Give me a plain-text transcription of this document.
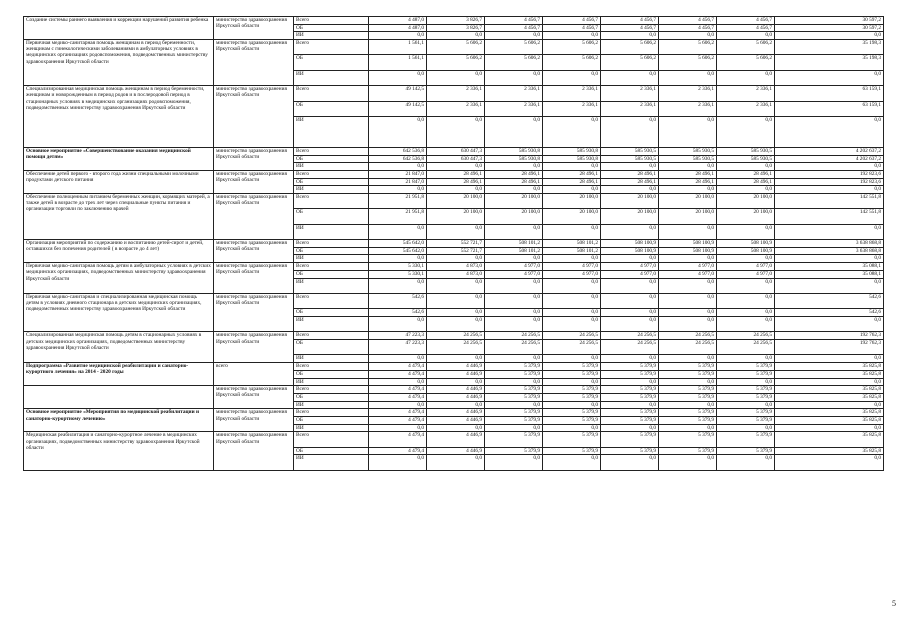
Создание системы раннего выявления и коррекции нарушений развития ребенка	министерство здравоохранения Иркутской области	Всего	4 487,0	3 826,7	4 456,7	4 456,7	4 456,7	4 456,7	4 456,7	30 597,2
		ОБ	4 487,0	3 826,7	4 456,7	4 456,7	4 456,7	4 456,7	4 456,7	30 597,2
		ИИ	0,0	0,0	0,0	0,0	0,0	0,0	0,0	0,0
Первичная медико-санитарная помощь женщинам в период беременности, женщинам с гинекологическими заболеваниями в амбулаторных условиях в медицинских организациях родовспоможения, подведомственных министерству здравоохранения Иркутской области	министерство здравоохранения Иркутской области	Всего	1 561,1	5 606,2	5 606,2	5 606,2	5 606,2	5 606,2	5 606,2	35 198,3
		ОБ	1 561,1	5 606,2	5 606,2	5 606,2	5 606,2	5 606,2	5 606,2	35 198,3
		ИИ	0,0	0,0	0,0	0,0	0,0	0,0	0,0	0,0
Специализированная медицинская помощь женщинам в период беременности, женщинам и новорожденным в период родов и в послеродовой период в стационарных условиях в медицинских организациях родовспоможения, подведомственных министерству здравоохранения Иркутской области	министерство здравоохранения Иркутской области	Всего	49 142,5	2 336,1	2 336,1	2 336,1	2 336,1	2 336,1	2 336,1	63 159,1
		ОБ	49 142,5	2 336,1	2 336,1	2 336,1	2 336,1	2 336,1	2 336,1	63 159,1
		ИИ	0,0	0,0	0,0	0,0	0,0	0,0	0,0	0,0
Основное мероприятие «Совершенствование оказания медицинской помощи детям»	министерство здравоохранения Иркутской области	Всего	642 536,8	630 447,3	585 930,8	585 930,8	585 930,5	585 930,5	585 930,5	4 202 637,2
		ОБ	642 536,8	630 447,3	585 930,8	585 930,8	585 930,5	585 930,5	585 930,5	4 202 637,2
		ИИ	0,0	0,0	0,0	0,0	0,0	0,0	0,0	0,0
Обеспечение детей первого - второго года жизни специальными молочными продуктами детского питания	министерство здравоохранения Иркутской области	Всего	21 847,0	28 496,1	28 496,1	28 496,1	28 496,1	28 496,1	28 496,1	192 823,6
		ОБ	21 847,0	28 496,1	28 496,1	28 496,1	28 496,1	28 496,1	28 496,1	192 823,6
		ИИ	0,0	0,0	0,0	0,0	0,0	0,0	0,0	0,0
Обеспечение полноценным питанием беременных женщин, кормящих матерей, а также детей в возрасте до трех лет через специальные пункты питания и организации торговли по заключению врачей	министерство здравоохранения Иркутской области	Всего	21 951,8	20 100,0	20 100,0	20 100,0	20 100,0	20 100,0	20 100,0	142 551,8
		ОБ	21 951,8	20 100,0	20 100,0	20 100,0	20 100,0	20 100,0	20 100,0	142 551,8
		ИИ	0,0	0,0	0,0	0,0	0,0	0,0	0,0	0,0
Организация мероприятий по содержанию и воспитанию детей-сирот и детей, оставшихся без попечения родителей ( в возрасте до 4 лет)	министерство здравоохранения Иркутской области	Всего	545 642,0	552 721,7	508 101,2	508 101,2	508 100,9	508 100,9	508 100,9	3 638 868,8
		ОБ	545 642,0	552 721,7	508 101,2	508 101,2	508 100,9	508 100,9	508 100,9	3 638 868,8
		ИИ	0,0	0,0	0,0	0,0	0,0	0,0	0,0	0,0
Первичная медико-санитарная помощь детям в амбулаторных условиях в детских медицинских организациях, подведомственных министерству здравоохранения Иркутской области	министерство здравоохранения Иркутской области	Всего	5 330,1	4 873,0	4 977,0	4 977,0	4 977,0	4 977,0	4 977,0	35 088,1
		ОБ	5 330,1	4 873,0	4 977,0	4 977,0	4 977,0	4 977,0	4 977,0	35 088,1
		ИИ	0,0	0,0	0,0	0,0	0,0	0,0	0,0	0,0
Первичная медико-санитарная и специализированная медицинская помощь детям в условиях дневного стационара в детских медицинских организациях, подведомственных министерству здравоохранения Иркутской области	министерство здравоохранения Иркутской области	Всего	542,6	0,0	0,0	0,0	0,0	0,0	0,0	542,6
		ОБ	542,6	0,0	0,0	0,0	0,0	0,0	0,0	542,6
		ИИ	0,0	0,0	0,0	0,0	0,0	0,0	0,0	0,0
Специализированная медицинская помощь детям в стационарных условиях в детских медицинских организациях, подведомственных министерству здравоохранения Иркутской области	министерство здравоохранения Иркутской области	Всего	47 223,3	24 256,5	24 256,5	24 256,5	24 256,5	24 256,5	24 256,5	192 762,3
		ОБ	47 223,3	24 256,5	24 256,5	24 256,5	24 256,5	24 256,5	24 256,5	192 762,3
		ИИ	0,0	0,0	0,0	0,0	0,0	0,0	0,0	0,0
Подпрограмма «Развитие медицинской реабилитации и санаторно-курортного лечения» на 2014 - 2020 годы	всего	Всего	4 479,4	4 446,9	5 379,9	5 379,9	5 379,9	5 379,9	5 379,9	35 825,8
		ОБ	4 479,4	4 446,9	5 379,9	5 379,9	5 379,9	5 379,9	5 379,9	35 825,8
		ИИ	0,0	0,0	0,0	0,0	0,0	0,0	0,0	0,0
	министерство здравоохранения Иркутской области	Всего	4 479,4	4 446,9	5 379,9	5 379,9	5 379,9	5 379,9	5 379,9	35 825,8
		ОБ	4 479,4	4 446,9	5 379,9	5 379,9	5 379,9	5 379,9	5 379,9	35 825,8
		ИИ	0,0	0,0	0,0	0,0	0,0	0,0	0,0	0,0
Основное мероприятие «Мероприятия по медицинской реабилитации и санаторно-курортному лечению»	министерство здравоохранения Иркутской области	Всего	4 479,4	4 446,9	5 379,9	5 379,9	5 379,9	5 379,9	5 379,9	35 825,8
		ОБ	4 479,4	4 446,9	5 379,9	5 379,9	5 379,9	5 379,9	5 379,9	35 825,8
		ИИ	0,0	0,0	0,0	0,0	0,0	0,0	0,0	0,0
Медицинская реабилитация и санаторно-курортное лечение в медицинских организациях, подведомственных министерству здравоохранения Иркутской области	министерство здравоохранения Иркутской области	Всего	4 479,4	4 446,9	5 379,9	5 379,9	5 379,9	5 379,9	5 379,9	35 825,8
		ОБ	4 479,4	4 446,9	5 379,9	5 379,9	5 379,9	5 379,9	5 379,9	35 825,8
		ИИ	0,0	0,0	0,0	0,0	0,0	0,0	0,0	0,0
5
